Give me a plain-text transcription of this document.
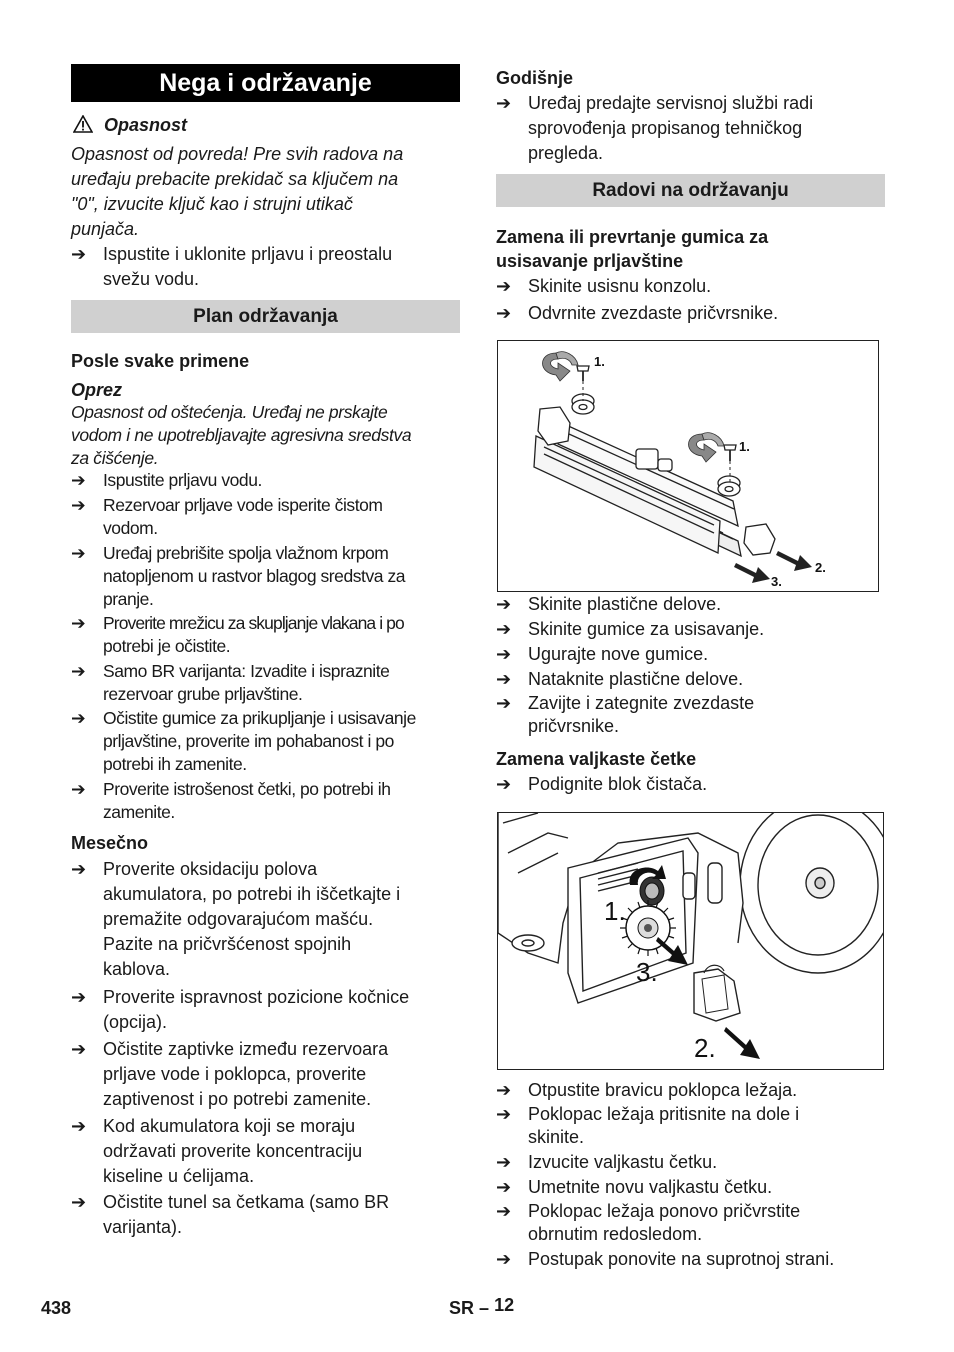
Nega i održavanje
Opasnost
Opasnost od povreda! Pre svih radova na
uređaju prebacite prekidač sa ključem na
"0", izvucite ključ kao i strujni utikač
punjača.
➔ Ispustite i uklonite prljavu i preostalu
svežu vodu.
Plan održavanja
Posle svake primene
Oprez
Opasnost od oštećenja. Uređaj ne prskajte
vodom i ne upotrebljavajte agresivna sredstva
za čišćenje.
➔ Ispustite prljavu vodu.
➔ Rezervoar prljave vode isperite čistom
vodom.
➔ Uređaj prebrišite spolja vlažnom krpom
natopljenom u rastvor blagog sredstva za
pranje.
➔ Proverite mrežicu za skupljanje vlakana i po
potrebi je očistite.
➔ Samo BR varijanta: Izvadite i ispraznite
rezervoar grube prljavštine.
➔ Očistite gumice za prikupljanje i usisavanje
prljavštine, proverite im pohabanost i po
potrebi ih zamenite.
➔ Proverite istrošenost četki, po potrebi ih
zamenite.
Mesečno
➔ Proverite oksidaciju polova
akumulatora, po potrebi ih iščetkajte i
premažite odgovarajućom mašću.
Pazite na pričvršćenost spojnih
kablova.
➔ Proverite ispravnost pozicione kočnice
(opcija).
➔ Očistite zaptivke između rezervoara
prljave vode i poklopca, proverite
zaptivenost i po potrebi zamenite.
➔ Kod akumulatora koji se moraju
održavati proverite koncentraciju
kiseline u ćelijama.
➔ Očistite tunel sa četkama (samo BR
varijanta).
Godišnje
➔ Uređaj predajte servisnoj službi radi
sprovođenja propisanog tehničkog
pregleda.
Radovi na održavanju
Zamena ili prevrtanje gumica za
usisavanje prljavštine
➔ Skinite usisnu konzolu.
➔ Odvrnite zvezdaste pričvrsnike.
1.
1.
2.
3.
➔ Skinite plastične delove.
➔ Skinite gumice za usisavanje.
➔ Ugurajte nove gumice.
➔ Nataknite plastične delove.
➔ Zavijte i zategnite zvezdaste
pričvrsnike.
Zamena valjkaste četke
➔ Podignite blok čistača.
1.
3.
2.
➔ Otpustite bravicu poklopca ležaja.
➔ Poklopac ležaja pritisnite na dole i
skinite.
➔ Izvucite valjkastu četku.
➔ Umetnite novu valjkastu četku.
➔ Poklopac ležaja ponovo pričvrstite
obrnutim redosledom.
➔ Postupak ponovite na suprotnoj strani.
438	SR – 12
